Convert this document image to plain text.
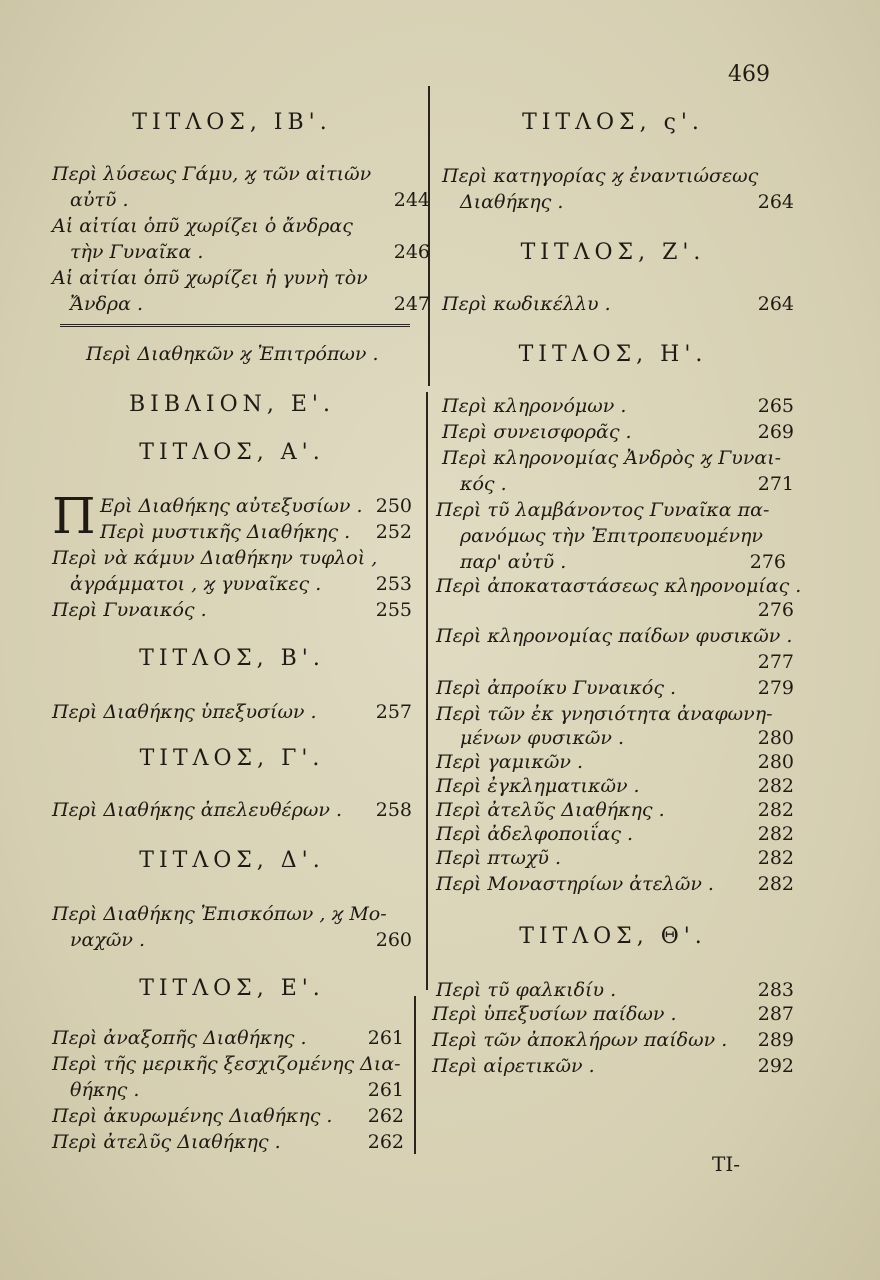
469
ΤΙΤΛΟΣ, ΙΒ'.
Περὶ λύσεως Γάμυ, ϗ τῶν αἰτιῶν
αὐτῦ .	244
Αἱ αἰτίαι ὁπῦ χωρίζει ὁ ἄνδρας
τὴν Γυναῖκα .	246
Αἱ αἰτίαι ὁπῦ χωρίζει ἡ γυνὴ τὸν
Ἄνδρα .	247
Περὶ Διαθηκῶν ϗ Ἐπιτρόπων .
ΒΙΒΛΙΟΝ, Ε'.
ΤΙΤΛΟΣ, Α'.
Π Ερὶ Διαθήκης αὐτεξυσίων . 250
Περὶ μυστικῆς Διαθήκης . 252
Περὶ νὰ κάμυν Διαθήκην τυφλοὶ ,
ἀγράμματοι , ϗ γυναῖκες .	253
Περὶ Γυναικός .	255
ΤΙΤΛΟΣ, Β'.
Περὶ Διαθήκης ὑπεξυσίων .	257
ΤΙΤΛΟΣ, Γ'.
Περὶ Διαθήκης ἀπελευθέρων . 258
ΤΙΤΛΟΣ, Δ'.
Περὶ Διαθήκης Ἐπισκόπων , ϗ Μο-
ναχῶν .	260
ΤΙΤΛΟΣ, Ε'.
Περὶ ἀναξοπῆς Διαθήκης .	261
Περὶ τῆς μερικῆς ξεσχιζομένης Δια-
θήκης .	261
Περὶ ἀκυρωμένης Διαθήκης . 262
Περὶ ἀτελῦς Διαθήκης .	262
ΤΙΤΛΟΣ, ς'.
Περὶ κατηγορίας ϗ ἐναντιώσεως
Διαθήκης .	264
ΤΙΤΛΟΣ, Ζ'.
Περὶ κωδικέλλυ .	264
ΤΙΤΛΟΣ, Η'.
Περὶ κληρονόμων .	265
Περὶ συνεισφορᾶς .	269
Περὶ κληρονομίας Ἀνδρὸς ϗ Γυναι-
κός .	271
Περὶ τῦ λαμβάνοντος Γυναῖκα πα-
ρανόμως τὴν Ἐπιτροπευομένην
παρ' αὐτῦ .	276
Περὶ ἀποκαταστάσεως κληρονομίας .
276
Περὶ κληρονομίας παίδων φυσικῶν .
277
Περὶ ἀπροίκυ Γυναικός .	279
Περὶ τῶν ἐκ γνησιότητα ἀναφωνη-
μένων φυσικῶν .	280
Περὶ γαμικῶν .	280
Περὶ ἐγκληματικῶν .	282
Περὶ ἀτελῦς Διαθήκης .	282
Περὶ ἀδελφοποιΐας .	282
Περὶ πτωχῦ .	282
Περὶ Μοναστηρίων ἀτελῶν . 282
ΤΙΤΛΟΣ, Θ'.
Περὶ τῦ φαλκιδίυ .	283
Περὶ ὑπεξυσίων παίδων .	287
Περὶ τῶν ἀποκλήρων παίδων . 289
Περὶ αἱρετικῶν .	292
ΤΙ-
